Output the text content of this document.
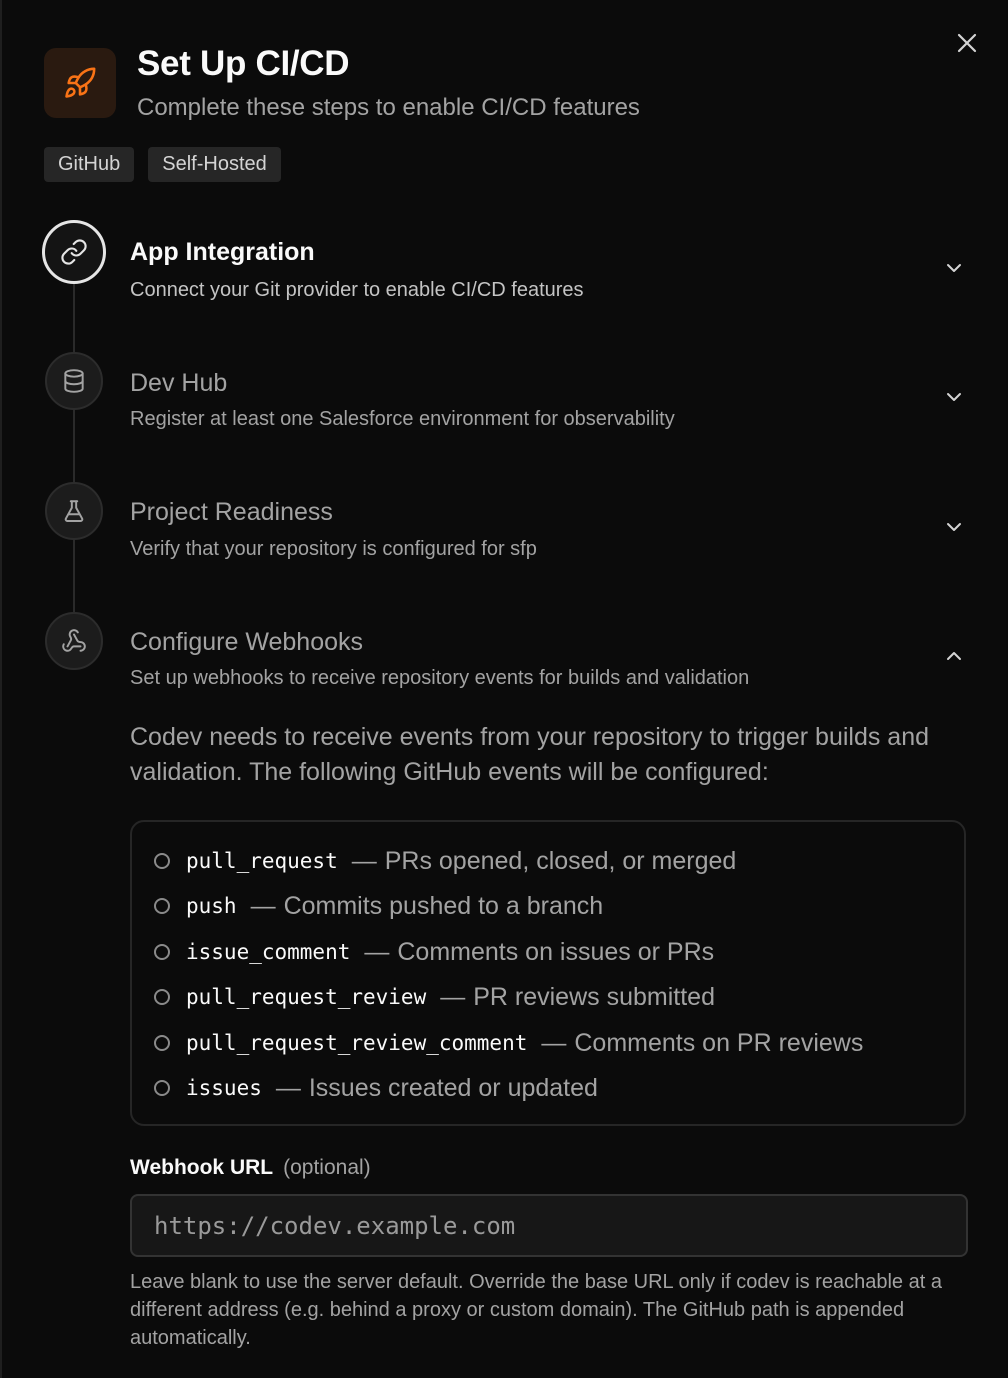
Set Up CI/CD
Complete these steps to enable CI/CD features
GitHub	Self-Hosted
App Integration
Connect your Git provider to enable CI/CD features
Dev Hub
Register at least one Salesforce environment for observability
Project Readiness
Verify that your repository is configured for sfp
Configure Webhooks
Set up webhooks to receive repository events for builds and validation
Codev needs to receive events from your repository to trigger builds and validation. The following GitHub events will be configured:
pull_request — PRs opened, closed, or merged
push — Commits pushed to a branch
issue_comment — Comments on issues or PRs
pull_request_review — PR reviews submitted
pull_request_review_comment — Comments on PR reviews
issues — Issues created or updated
Webhook URL (optional)
https://codev.example.com
Leave blank to use the server default. Override the base URL only if codev is reachable at a different address (e.g. behind a proxy or custom domain). The GitHub path is appended automatically.
